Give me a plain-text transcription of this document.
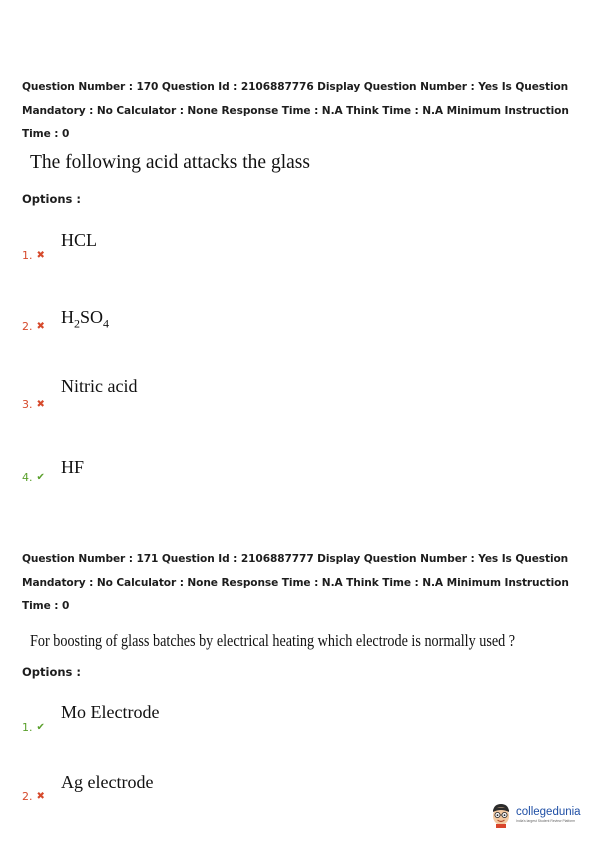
Question Number : 170 Question Id : 2106887776 Display Question Number : Yes Is Question
Mandatory : No Calculator : None Response Time : N.A Think Time : N.A Minimum Instruction
Time : 0
The following acid attacks the glass
Options :
1. ✖
HCL
2. ✖ $H_2SO_4$
3. ✖
Nitric acid
4. ✔
HF
Question Number : 171 Question Id : 2106887777 Display Question Number : Yes Is Question
Mandatory : No Calculator : None Response Time : N.A Think Time : N.A Minimum Instruction
Time : 0
For boosting of glass batches by electrical heating which electrode is normally used ?
Options :
1. ✔
Mo Electrode
2. ✖
Ag electrode
collegedunia
India's largest Student Review Platform
